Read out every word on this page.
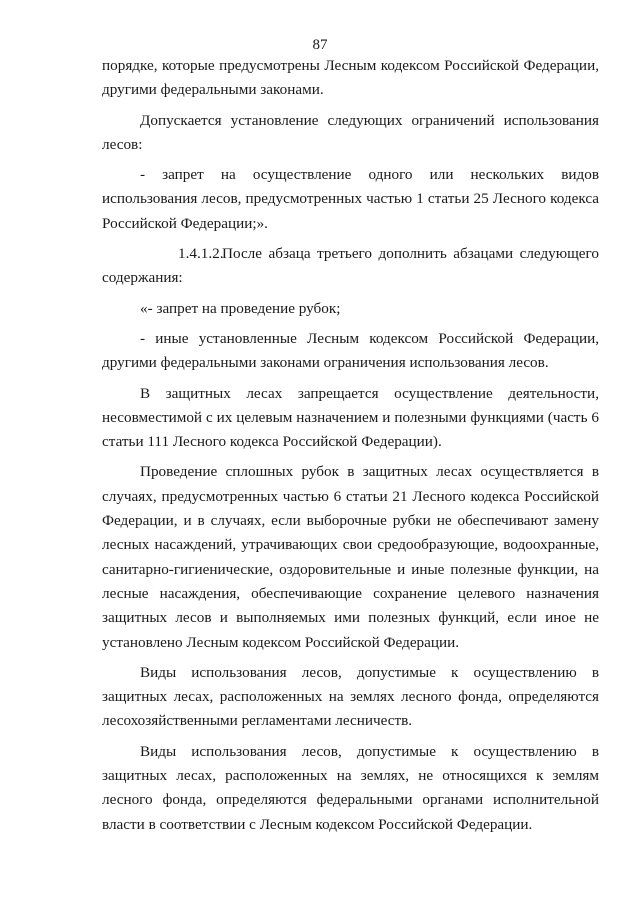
87

порядке, которые предусмотрены Лесным кодексом Российской Федерации, другими федеральными законами.

Допускается установление следующих ограничений использования лесов:

- запрет на осуществление одного или нескольких видов использования лесов, предусмотренных частью 1 статьи 25 Лесного кодекса Российской Федерации;».

1.4.1.2.После абзаца третьего дополнить абзацами следующего содержания:

«- запрет на проведение рубок;

- иные установленные Лесным кодексом Российской Федерации, другими федеральными законами ограничения использования лесов.

В защитных лесах запрещается осуществление деятельности, несовместимой с их целевым назначением и полезными функциями (часть 6 статьи 111 Лесного кодекса Российской Федерации).

Проведение сплошных рубок в защитных лесах осуществляется в случаях, предусмотренных частью 6 статьи 21 Лесного кодекса Российской Федерации, и в случаях, если выборочные рубки не обеспечивают замену лесных насаждений, утрачивающих свои средообразующие, водоохранные, санитарно-гигиенические, оздоровительные и иные полезные функции, на лесные насаждения, обеспечивающие сохранение целевого назначения защитных лесов и выполняемых ими полезных функций, если иное не установлено Лесным кодексом Российской Федерации.

Виды использования лесов, допустимые к осуществлению в защитных лесах, расположенных на землях лесного фонда, определяются лесохозяйственными регламентами лесничеств.

Виды использования лесов, допустимые к осуществлению в защитных лесах, расположенных на землях, не относящихся к землям лесного фонда, определяются федеральными органами исполнительной власти в соответствии с Лесным кодексом Российской Федерации.
